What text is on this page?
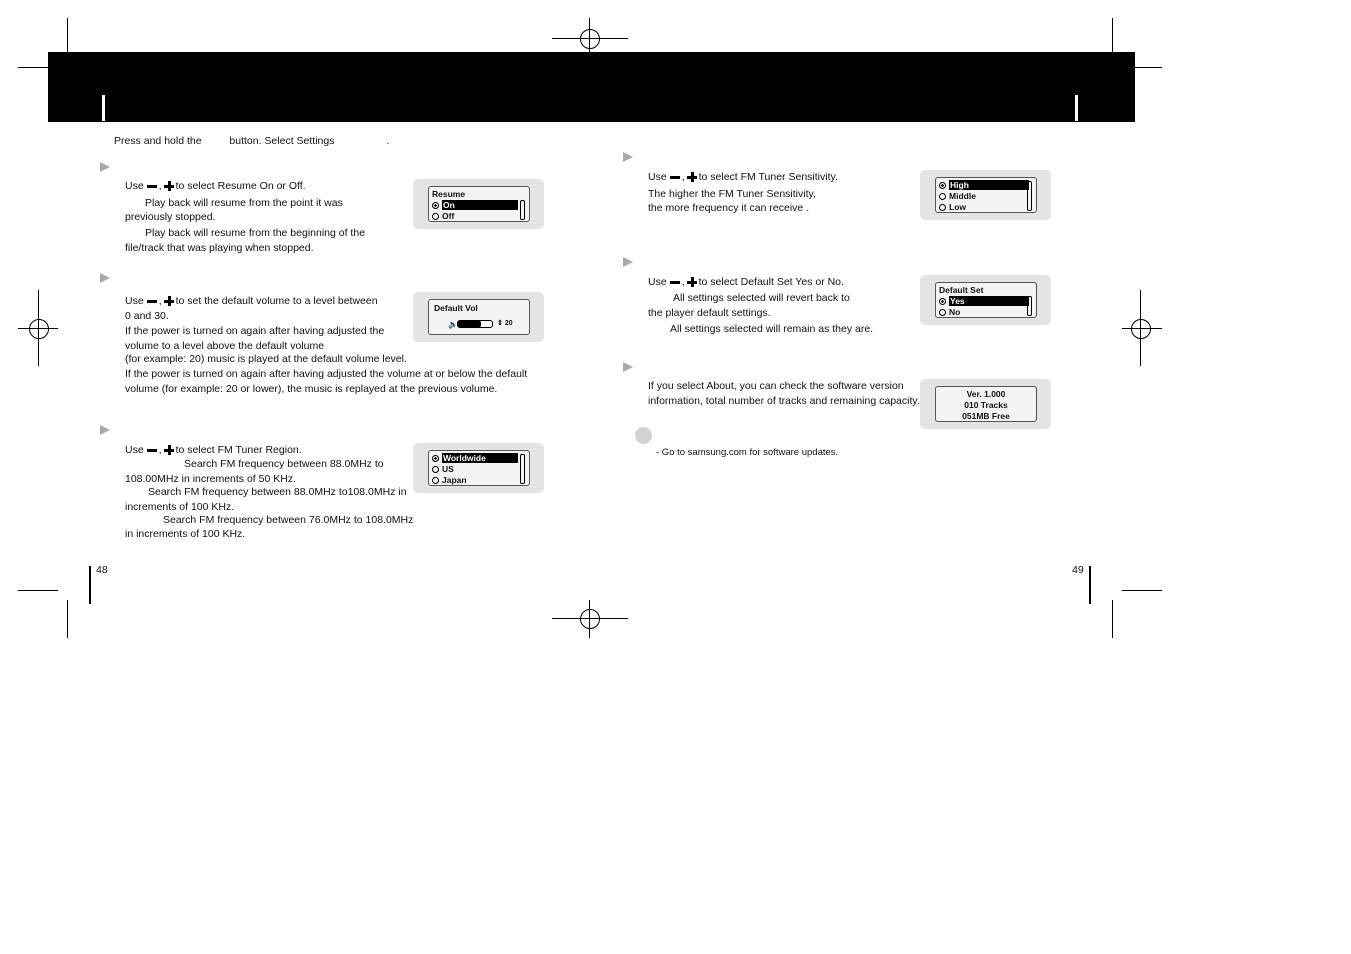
Press and hold the	button. Select Settings	.
Use , to select Resume On or Off.
Play back will resume from the point it was
previously stopped.
Play back will resume from the beginning of the
file/track that was playing when stopped.
Resume
On
Off
Use , to set the default volume to a level between
0 and 30.
If the power is turned on again after having adjusted the
volume to a level above the default volume
(for example: 20) music is played at the default volume level.
If the power is turned on again after having adjusted the volume at or below the default
volume (for example: 20 or lower), the music is replayed at the previous volume.
Default Vol
🔈	⇕ 20
Use , to select FM Tuner Region.
Search FM frequency between 88.0MHz to
108.00MHz in increments of 50 KHz.
Search FM frequency between 88.0MHz to108.0MHz in
increments of 100 KHz.
Search FM frequency between 76.0MHz to 108.0MHz
in increments of 100 KHz.
Worldwide
US
Japan
48
Use , to select FM Tuner Sensitivity.
The higher the FM Tuner Sensitivity,
the more frequency it can receive .
High
Middle
Low
Use , to select Default Set Yes or No.
All settings selected will revert back to
the player default settings.
All settings selected will remain as they are.
Default Set
Yes
No
If you select About, you can check the software version
information, total number of tracks and remaining capacity.
Ver. 1.000
010 Tracks
051MB Free
- Go to samsung.com for software updates.
49
